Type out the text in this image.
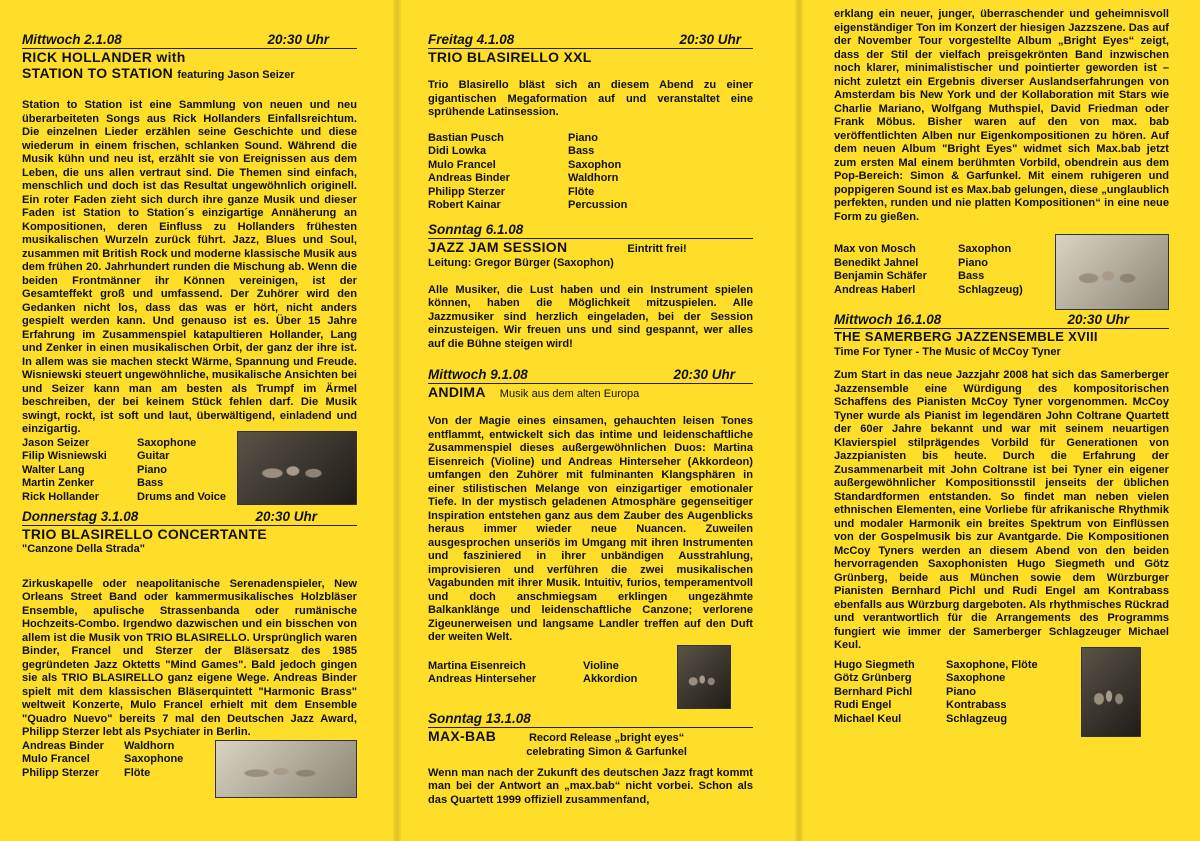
Mittwoch 2.1.08	20:30 Uhr
RICK HOLLANDER with
STATION TO STATION featuring Jason Seizer

Station to Station ist eine Sammlung von neuen und neu überarbeiteten Songs aus Rick Hollanders Einfallsreichtum. Die einzelnen Lieder erzählen seine Geschichte und diese wiederum in einem frischen, schlanken Sound. Während die Musik kühn und neu ist, erzählt sie von Ereignissen aus dem Leben, die uns allen vertraut sind. Die Themen sind einfach, menschlich und doch ist das Resultat ungewöhnlich originell. Ein roter Faden zieht sich durch ihre ganze Musik und dieser Faden ist Station to Station´s einzigartige Annäherung an Kompositionen, deren Einfluss zu Hollanders frühesten musikalischen Wurzeln zurück führt. Jazz, Blues und Soul, zusammen mit British Rock und moderne klassische Musik aus dem frühen 20. Jahrhundert runden die Mischung ab. Wenn die beiden Frontmänner ihr Können vereinigen, ist der Gesamteffekt groß und umfassend. Der Zuhörer wird den Gedanken nicht los, dass das was er hört, nicht anders gespielt werden kann. Und genauso ist es. Über 15 Jahre Erfahrung im Zusammenspiel katapultieren Hollander, Lang und Zenker in einen musikalischen Orbit, der ganz der ihre ist. In allem was sie machen steckt Wärme, Spannung und Freude. Wisniewski steuert ungewöhnliche, musikalische Ansichten bei und Seizer kann man am besten als Trumpf im Ärmel beschreiben, der bei keinem Stück fehlen darf. Die Musik swingt, rockt, ist soft und laut, überwältigend, einladend und einzigartig.

Jason Seizer	Saxophone
Filip Wisniewski	Guitar
Walter Lang	Piano
Martin Zenker	Bass
Rick Hollander	Drums and Voice
Donnerstag 3.1.08	20:30 Uhr
TRIO BLASIRELLO CONCERTANTE
"Canzone Della Strada"

Zirkuskapelle oder neapolitanische Serenadenspieler, New Orleans Street Band oder kammermusikalisches Holzbläser Ensemble, apulische Strassenbanda oder rumänische Hochzeits-Combo. Irgendwo dazwischen und ein bisschen von allem ist die Musik von TRIO BLASIRELLO. Ursprünglich waren Binder, Francel und Sterzer der Bläsersatz des 1985 gegründeten Jazz Oktetts "Mind Games". Bald jedoch gingen sie als TRIO BLASIRELLO ganz eigene Wege. Andreas Binder spielt mit dem klassischen Bläserquintett "Harmonic Brass" weltweit Konzerte, Mulo Francel erhielt mit dem Ensemble "Quadro Nuevo" bereits 7 mal den Deutschen Jazz Award, Philipp Sterzer lebt als Psychiater in Berlin.

Andreas Binder	Waldhorn
Mulo Francel	Saxophone
Philipp Sterzer	Flöte
Freitag 4.1.08	20:30 Uhr
TRIO BLASIRELLO XXL

Trio Blasirello bläst sich an diesem Abend zu einer gigantischen Megaformation auf und veranstaltet eine sprühende Latinsession.

Bastian Pusch	Piano
Didi Lowka	Bass
Mulo Francel	Saxophon
Andreas Binder	Waldhorn
Philipp Sterzer	Flöte
Robert Kainar	Percussion
Sonntag 6.1.08
JAZZ JAM SESSION	Eintritt frei!
Leitung: Gregor Bürger (Saxophon)

Alle Musiker, die Lust haben und ein Instrument spielen können, haben die Möglichkeit mitzuspielen. Alle Jazzmusiker sind herzlich eingeladen, bei der Session einzusteigen. Wir freuen uns und sind gespannt, wer alles auf die Bühne steigen wird!

Mittwoch 9.1.08	20:30 Uhr
ANDIMA Musik aus dem alten Europa

Von der Magie eines einsamen, gehauchten leisen Tones entflammt, entwickelt sich das intime und leidenschaftliche Zusammenspiel dieses außergewöhnlichen Duos: Martina Eisenreich (Violine) und Andreas Hinterseher (Akkordeon) umfangen den Zuhörer mit fulminanten Klangsphären in einer stilistischen Melange von einzigartiger emotionaler Tiefe. In der mystisch geladenen Atmosphäre gegenseitiger Inspiration entstehen ganz aus dem Zauber des Augenblicks heraus immer wieder neue Nuancen. Zuweilen ausgesprochen unseriös im Umgang mit ihren Instrumenten und fasziniered in ihrer unbändigen Ausstrahlung, improvisieren und verführen die zwei musikalischen Vagabunden mit ihrer Musik. Intuitiv, furios, temperamentvoll und doch anschmiegsam erklingen ungezähmte Balkanklänge und leidenschaftliche Canzone; verlorene Zigeunerweisen und langsame Landler treffen auf den Duft der weiten Welt.

Martina Eisenreich	Violine
Andreas Hinterseher	Akkordion
Sonntag 13.1.08
MAX-BAB	Record Release „bright eyes“
celebrating Simon & Garfunkel

Wenn man nach der Zukunft des deutschen Jazz fragt kommt man bei der Antwort an „max.bab“ nicht vorbei. Schon als das Quartett 1999 offiziell zusammenfand,

erklang ein neuer, junger, überraschender und geheimnisvoll eigenständiger Ton im Konzert der hiesigen Jazzszene. Das auf der November Tour vorgestellte Album „Bright Eyes“ zeigt, dass der Stil der vielfach preisgekrönten Band inzwischen noch klarer, minimalistischer und pointierter geworden ist – nicht zuletzt ein Ergebnis diverser Auslandserfahrungen von Amsterdam bis New York und der Kollaboration mit Stars wie Charlie Mariano, Wolfgang Muthspiel, David Friedman oder Frank Möbus. Bisher waren auf den von max. bab veröffentlichten Alben nur Eigenkompositionen zu hören. Auf dem neuen Album "Bright Eyes" widmet sich Max.bab jetzt zum ersten Mal einem berühmten Vorbild, obendrein aus dem Pop-Bereich: Simon & Garfunkel. Mit einem ruhigeren und poppigeren Sound ist es Max.bab gelungen, diese „unglaublich perfekten, runden und nie platten Kompositionen“ in eine neue Form zu gießen.

Max von Mosch	Saxophon
Benedikt Jahnel	Piano
Benjamin Schäfer	Bass
Andreas Haberl	Schlagzeug)
Mittwoch 16.1.08	20:30 Uhr
THE SAMERBERG JAZZENSEMBLE XVIII
Time For Tyner - The Music of McCoy Tyner

Zum Start in das neue Jazzjahr 2008 hat sich das Samerberger Jazzensemble eine Würdigung des kompositorischen Schaffens des Pianisten McCoy Tyner vorgenommen. McCoy Tyner wurde als Pianist im legendären John Coltrane Quartett der 60er Jahre bekannt und war mit seinem neuartigen Klavierspiel stilprägendes Vorbild für Generationen von Jazzpianisten bis heute. Durch die Erfahrung der Zusammenarbeit mit John Coltrane ist bei Tyner ein eigener außergewöhnlicher Kompositionsstil jenseits der üblichen Standardformen entstanden. So findet man neben vielen ethnischen Elementen, eine Vorliebe für afrikanische Rhythmik und modaler Harmonik ein breites Spektrum von Einflüssen von der Gospelmusik bis zur Avantgarde. Die Kompositionen McCoy Tyners werden an diesem Abend von den beiden hervorragenden Saxophonisten Hugo Siegmeth und Götz Grünberg, beide aus München sowie dem Würzburger Pianisten Bernhard Pichl und Rudi Engel am Kontrabass ebenfalls aus Würzburg dargeboten. Als rhythmisches Rückrad und verantwortlich für die Arrangements des Programms fungiert wie immer der Samerberger Schlagzeuger Michael Keul.

Hugo Siegmeth	Saxophone, Flöte
Götz Grünberg	Saxophone
Bernhard Pichl	Piano
Rudi Engel	Kontrabass
Michael Keul	Schlagzeug
